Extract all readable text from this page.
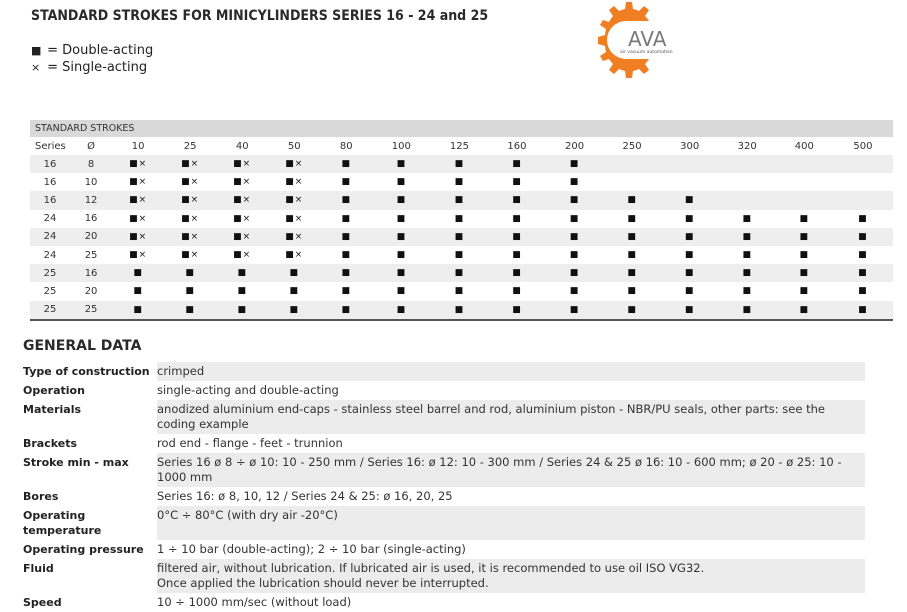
STANDARD STROKES FOR MINICYLINDERS SERIES 16 - 24 and 25
■ = Double-acting
× = Single-acting
AVA
air vacuum automation
STANDARD STROKES
Series	Ø	10	25	40	50	80	100	125	160	200	250	300	320	400	500
16	8	■×	■×	■×	■×	■	■	■	■	■					
16	10	■×	■×	■×	■×	■	■	■	■	■					
16	12	■×	■×	■×	■×	■	■	■	■	■	■	■			
24	16	■×	■×	■×	■×	■	■	■	■	■	■	■	■	■	■
24	20	■×	■×	■×	■×	■	■	■	■	■	■	■	■	■	■
24	25	■×	■×	■×	■×	■	■	■	■	■	■	■	■	■	■
25	16	■	■	■	■	■	■	■	■	■	■	■	■	■	■
25	20	■	■	■	■	■	■	■	■	■	■	■	■	■	■
25	25	■	■	■	■	■	■	■	■	■	■	■	■	■	■
GENERAL DATA
Type of construction crimped
Operation	single-acting and double-acting
Materials	anodized aluminium end-caps - stainless steel barrel and rod, aluminium piston - NBR/PU seals, other parts: see the coding example
Brackets	rod end - flange - feet - trunnion
Stroke min - max	Series 16 ø 8 ÷ ø 10: 10 - 250 mm / Series 16: ø 12: 10 - 300 mm / Series 24 & 25 ø 16: 10 - 600 mm; ø 20 - ø 25: 10 - 1000 mm
Bores	Series 16: ø 8, 10, 12 / Series 24 & 25: ø 16, 20, 25
Operating temperature
0°C ÷ 80°C (with dry air -20°C)
Operating pressure	1 ÷ 10 bar (double-acting); 2 ÷ 10 bar (single-acting)
Fluid	filtered air, without lubrication. If lubricated air is used, it is recommended to use oil ISO VG32.
Once applied the lubrication should never be interrupted.
Speed	10 ÷ 1000 mm/sec (without load)
